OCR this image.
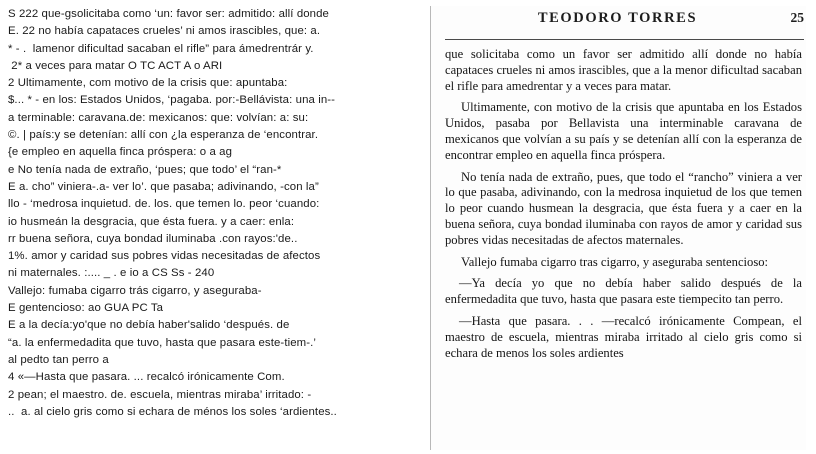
S 222 que-gsolicitaba como ‘un: favor ser: admitido: allí donde
E. 22 no había capataces crueles’ ni amos irascibles, que: a.
* - .  lamenor dificultad sacaban el rifle” para ámedrentrár y.
2* a veces para matar O TC ACT A o ARI
2 Ultimamente, com motivo de la crisis que: apuntaba:
$... * - en los: Estados Unidos, ‘pagaba. por:-Bellávista: una in--
a terminable: caravana.de: mexicanos: que: volvían: a: su:
©. | país:y se detenían: allí con ¿la esperanza de ‘encontrar.
{e empleo en aquella finca próspera: o a ag
e No tenía nada de extraño, ‘pues; que todo’ el “ran-*
E a. cho” viniera-.a- ver lo’. que pasaba; adivinando, -con la”
llo - ‘medrosa inquietud. de. los. que temen lo. peor ‘cuando:
io husmeán la desgracia, que ésta fuera. y a caer: enla:
rr buena señora, cuya bondad iluminaba .con rayos:'de..
1%. amor y caridad sus pobres vidas necesitadas de afectos
ni maternales. :.... _ . e io a CS Ss - 240
Vallejo: fumaba cigarro trás cigarro, y aseguraba-
E gentencioso: ao GUA PC Ta
E a la decía:yo'que no debía haber'salido ‘después. de
“a. la enfermedadita que tuvo, hasta que pasara este-tiem-.’
al pedto tan perro a
4 «—Hasta que pasara. ... recalcó irónicamente Com.
2 pean; el maestro. de. escuela, mientras miraba’ irritado: -
..  a. al cielo gris como si echara de ménos los soles ‘ardientes..
TEODORO TORRES	25

que solicitaba como un favor ser admitido allí donde no había capataces crueles ni amos irascibles, que a la menor dificultad sacaban el rifle para amedrentar y a veces para matar.

Ultimamente, con motivo de la crisis que apuntaba en los Estados Unidos, pasaba por Bellavista una interminable caravana de mexicanos que volvían a su país y se detenían allí con la esperanza de encontrar empleo en aquella finca próspera.

No tenía nada de extraño, pues, que todo el “rancho” viniera a ver lo que pasaba, adivinando, con la medrosa inquietud de los que temen lo peor cuando husmean la desgracia, que ésta fuera y a caer en la buena señora, cuya bondad iluminaba con rayos de amor y caridad sus pobres vidas necesitadas de afectos maternales.

Vallejo fumaba cigarro tras cigarro, y aseguraba sentencioso:

—Ya decía yo que no debía haber salido después de la enfermedadita que tuvo, hasta que pasara este tiempecito tan perro.

—Hasta que pasara. . . —recalcó irónicamente Compean, el maestro de escuela, mientras miraba irritado al cielo gris como si echara de menos los soles ardientes
